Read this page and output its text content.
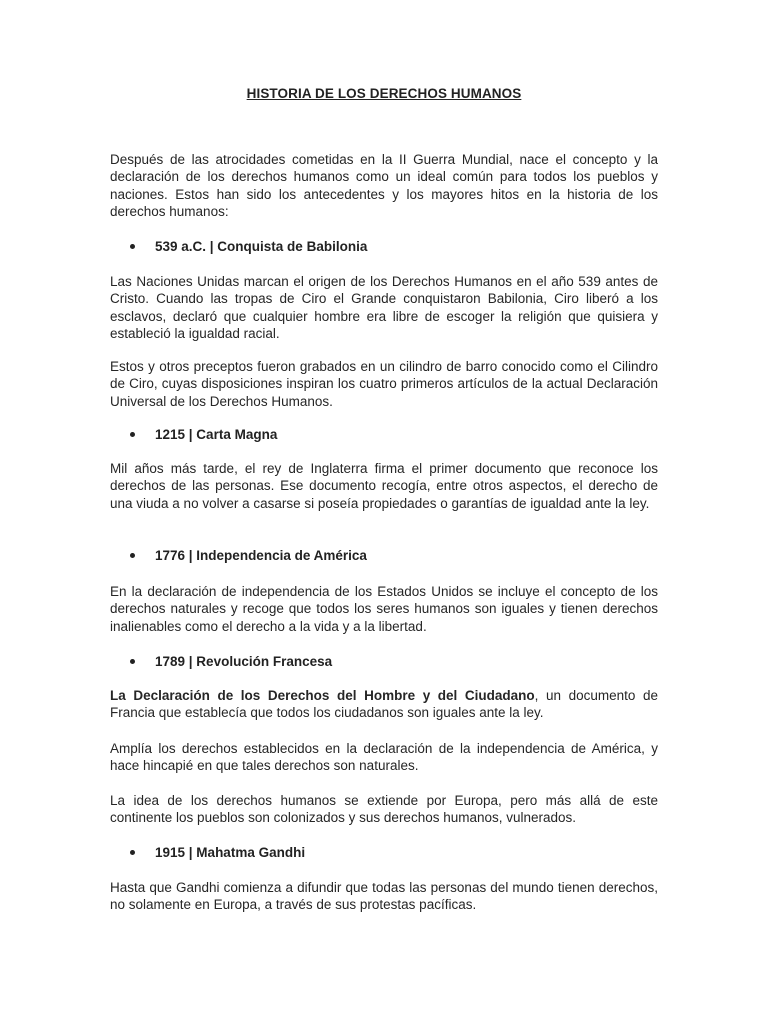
HISTORIA DE LOS DERECHOS HUMANOS

Después de las atrocidades cometidas en la II Guerra Mundial, nace el concepto y la declaración de los derechos humanos como un ideal común para todos los pueblos y naciones. Estos han sido los antecedentes y los mayores hitos en la historia de los derechos humanos:

539 a.C. | Conquista de Babilonia

Las Naciones Unidas marcan el origen de los Derechos Humanos en el año 539 antes de Cristo. Cuando las tropas de Ciro el Grande conquistaron Babilonia, Ciro liberó a los esclavos, declaró que cualquier hombre era libre de escoger la religión que quisiera y estableció la igualdad racial.

Estos y otros preceptos fueron grabados en un cilindro de barro conocido como el Cilindro de Ciro, cuyas disposiciones inspiran los cuatro primeros artículos de la actual Declaración Universal de los Derechos Humanos.

1215 | Carta Magna

Mil años más tarde, el rey de Inglaterra firma el primer documento que reconoce los derechos de las personas. Ese documento recogía, entre otros aspectos, el derecho de una viuda a no volver a casarse si poseía propiedades o garantías de igualdad ante la ley.

1776 | Independencia de América

En la declaración de independencia de los Estados Unidos se incluye el concepto de los derechos naturales y recoge que todos los seres humanos son iguales y tienen derechos inalienables como el derecho a la vida y a la libertad.

1789 | Revolución Francesa

La Declaración de los Derechos del Hombre y del Ciudadano, un documento de Francia que establecía que todos los ciudadanos son iguales ante la ley.

Amplía los derechos establecidos en la declaración de la independencia de América, y hace hincapié en que tales derechos son naturales.

La idea de los derechos humanos se extiende por Europa, pero más allá de este continente los pueblos son colonizados y sus derechos humanos, vulnerados.

1915 | Mahatma Gandhi

Hasta que Gandhi comienza a difundir que todas las personas del mundo tienen derechos, no solamente en Europa, a través de sus protestas pacíficas.
